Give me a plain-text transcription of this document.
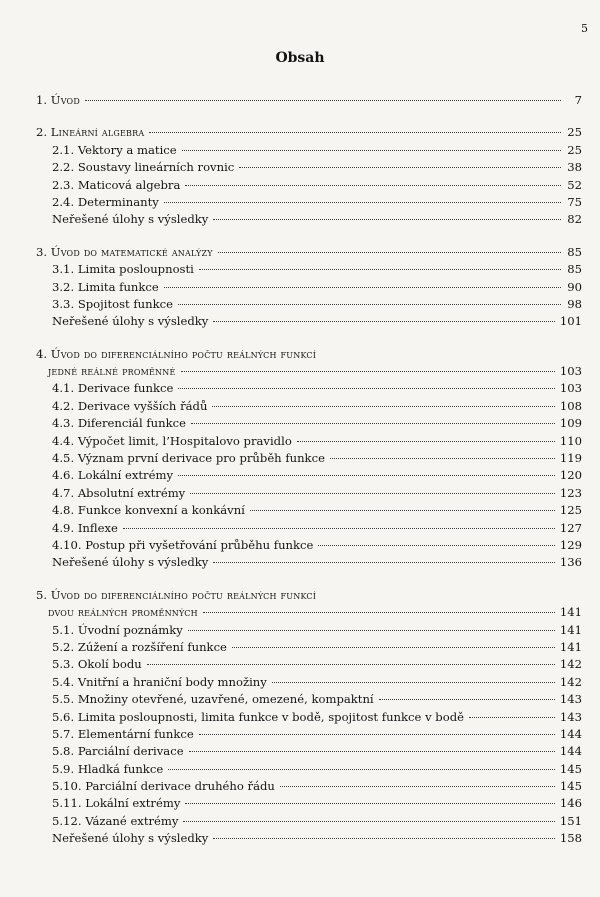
5
Obsah
1. Úvod	7
2. Lineární algebra	25
2.1. Vektory a matice	25
2.2. Soustavy lineárních rovnic	38
2.3. Maticová algebra	52
2.4. Determinanty	75
Neřešené úlohy s výsledky	82
3. Úvod do matematické analýzy	85
3.1. Limita posloupnosti	85
3.2. Limita funkce	90
3.3. Spojitost funkce	98
Neřešené úlohy s výsledky	101
4. Úvod do diferenciálního počtu reálných funkcí
jedné reálné proměnné	103
4.1. Derivace funkce	103
4.2. Derivace vyšších řádů	108
4.3. Diferenciál funkce	109
4.4. Výpočet limit, l’Hospitalovo pravidlo	110
4.5. Význam první derivace pro průběh funkce	119
4.6. Lokální extrémy	120
4.7. Absolutní extrémy	123
4.8. Funkce konvexní a konkávní	125
4.9. Inflexe	127
4.10. Postup při vyšetřování průběhu funkce	129
Neřešené úlohy s výsledky	136
5. Úvod do diferenciálního počtu reálných funkcí
dvou reálných proměnných	141
5.1. Úvodní poznámky	141
5.2. Zúžení a rozšíření funkce	141
5.3. Okolí bodu	142
5.4. Vnitřní a hraniční body množiny	142
5.5. Množiny otevřené, uzavřené, omezené, kompaktní	143
5.6. Limita posloupnosti, limita funkce v bodě, spojitost funkce v bodě	143
5.7. Elementární funkce	144
5.8. Parciální derivace	144
5.9. Hladká funkce	145
5.10. Parciální derivace druhého řádu	145
5.11. Lokální extrémy	146
5.12. Vázané extrémy	151
Neřešené úlohy s výsledky	158
